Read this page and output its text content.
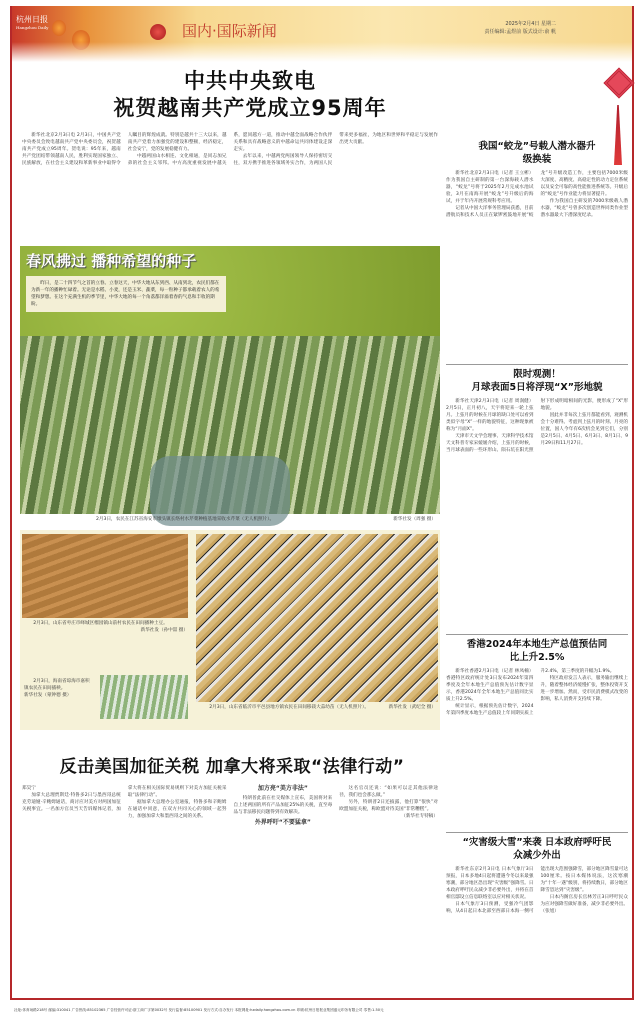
杭州日报
Hangzhou Daily	国内·国际新闻	2025年2月4日 星期二
责任编辑:孟煜前 版式设计:俞 帆
中共中央致电
祝贺越南共产党成立95周年

新华社北京2月3日电 2月3日，中国共产党中央委员会致电越南共产党中央委员会，祝贺越南共产党成立95周年。贺电说：95年来，越南共产党团结带领越南人民，胜利实现国家独立、民族解放，在社会主义建设和革新事业中取得令人瞩目的辉煌成就。特别是越共十三大以来，越南共产党着力加强党的建设和整顿，经济稳定，社会安宁，党的发展稳健有力。

中越两国山水相连、文化相通，是同志加兄弟的社会主义邻邦。中方高度重视发展中越关系，愿同越方一道，推动中越全面战略合作伙伴关系和具有战略意义的中越命运共同体建设走深走实。

去年以来，中越两党两国领导人保持密切交往，双方携手推进各领域务实合作，为两国人民带来更多福祉，为地区和世界和平稳定与发展作出更大贡献。

春风拂过 播种希望的种子
昨日，是二十四节气之首的立春。立春这天，中华大地从东到西、从南到北，农民们都在为新一年的播种忙碌着。无论是水稻、小麦，还是玉米、蔬菜，每一粒种子都承载着农人的希望和梦想。在这个充满生机的季节里，中华大地的每一个角落都洋溢着春的气息和丰收的期盼。
2月3日，农民在江苏省海安市墩头镇长络村水芹菜种植基地采收水芹菜（无人机照片）。	新华社发（周强 摄）
2月3日，山东省枣庄市峄城区榴园镇山前村农民在田间播种土豆。
新华社发（孙中喆 摄）
2月3日，海南省琼海市嘉积镇农民在田间插秧。
新华社发（蒙钟德 摄）
2月3日，山东省临沂市平邑县地方镇农民在田间移栽大蒜幼苗（无人机照片）。	新华社发（武纪全 摄）
反击美国加征关税 加拿大将采取“法律行动”

郑昊宁

加拿大总理贾斯廷·特鲁多2日与墨西哥总统克劳迪娅·辛鲍姆通话，商讨应对美方对两国加征关税事宜。一名加方官员当天告诉媒体记者，加拿大将在相关国际贸易规则下对美方加征关税采取“法律行动”。

据加拿大总理办公室通报，特鲁多和辛鲍姆在通话中同意，在双方共同关心的领域一起努力，加强加拿大和墨西哥之间的关系。

加方亮“美方非法”

特朗普此前在社交媒体上宣布，美国将对来自上述两国的所有产品加征25%的关税，直至毒品与非法移民问题得到有效解决。

外界呼吁“不要猛拿”

这名官员还说：“如果可以走其他法律途径，我们也会那么做。”

另外，特朗普2日还披露，他打算“很快”对欧盟加征关税，称欧盟对待美国“非常糟糕”。

（新华社专特稿）

我国“蛟龙”号载人潜水器升级换装

新华社北京2月3日电（记者 王立彬）作为我国自主研制的第一台深海载人潜水器，“蛟龙”号将于2025年2月完成水池试验，3月在南海开展“蛟龙”号升级后的海试，并于年内开展常规科考应用。

记者从中国大洋事务管理局获悉，目前潜航员和技术人员正在紧锣密鼓地开展“蛟龙”号升级改造工作，主要包括7000米级大深度、高精度、高稳定性的动力定位系统以及安全可靠的高性能推进系统等。升级后的“蛟龙”号作业能力将显著提升。

作为我国自主研发的7000米级载人潜水器，“蛟龙”号曾多次创造世界同类作业型潜水器最大下潜深度纪录。

限时观测！
月球表面5日将浮现“X”形地貌

新华社天津2月3日电（记者 周润健）2月5日，正月初八，天宇将迎来一轮上弦月。上弦月的时候在月球的缺口处可以看到类似字母“X”一样的地貌特征，这种现象被称为“月面X”。

天津市天文学会理事、天津科学技术馆天文科普专家宋媛媛介绍，上弦月的时候，当月球表面的一些环形山、陨石坑在阳光照射下形成明暗相间的光影，便形成了“X”形地貌。

因此并非每次上弦月都能看到，观测机会十分难得。考虑到上弦月的时刻、月亮的位置，国人今年有6次机会见到它们，分别是2月5日、4月5日、6月3日、8月1日、9月29日和11月27日。

香港2024年本地生产总值预估同比上升2.5%

新华社香港2月3日电（记者 林凤楠）香港特区政府统计处3日发布2024年第四季度及全年本地生产总值预先估计数字显示，香港2024年全年本地生产总值同比实质上升2.5%。

统计显示，根据预先估计数字，2024年第四季度本地生产总值较上年同期实质上升2.4%，第三季度的升幅为1.9%。

特区政府发言人表示，服务输出继续上升，随着整体经济缓慢扩张，整体投资开支进一步增加。然而，受市民消费模式改变的影响，私人消费开支持续下降。

“灾害级大雪”来袭 日本政府呼吁民众减少外出

新华社东京2月3日电 日本气象厅3日预报，日本多地4日起将遭遇今冬以来最强寒潮，部分地区恐出现“灾害级”强降雪。日本政府呼吁民众减少非必要外出，并将在首相官邸设立信息联络室以应对相关状况。

日本气象厅3日预测，受强冷气团影响，从4日起日本北部至西部日本海一侧可能出现大范围强降雪，部分地区降雪量可达100厘米。按日本媒体说法，这次寒潮为“十年一遇”级别，将持续数日，部分地区降雪恐达到“灾害级”。

日本内阁官房长官林芳正3日呼吁民众为应对强降雪做好准备，减少非必要外出。（张旭）

社址:体育场路218号 邮编:310041 广告热线:85102365 广告经营许可证:浙工商广字第0032号 发行监督:85100901 发行方式:自办发行 本报网址:hzdaily.hangzhou.com.cn 印刷:杭州日报报业集团盛元印务有限公司 零售:1.50元
